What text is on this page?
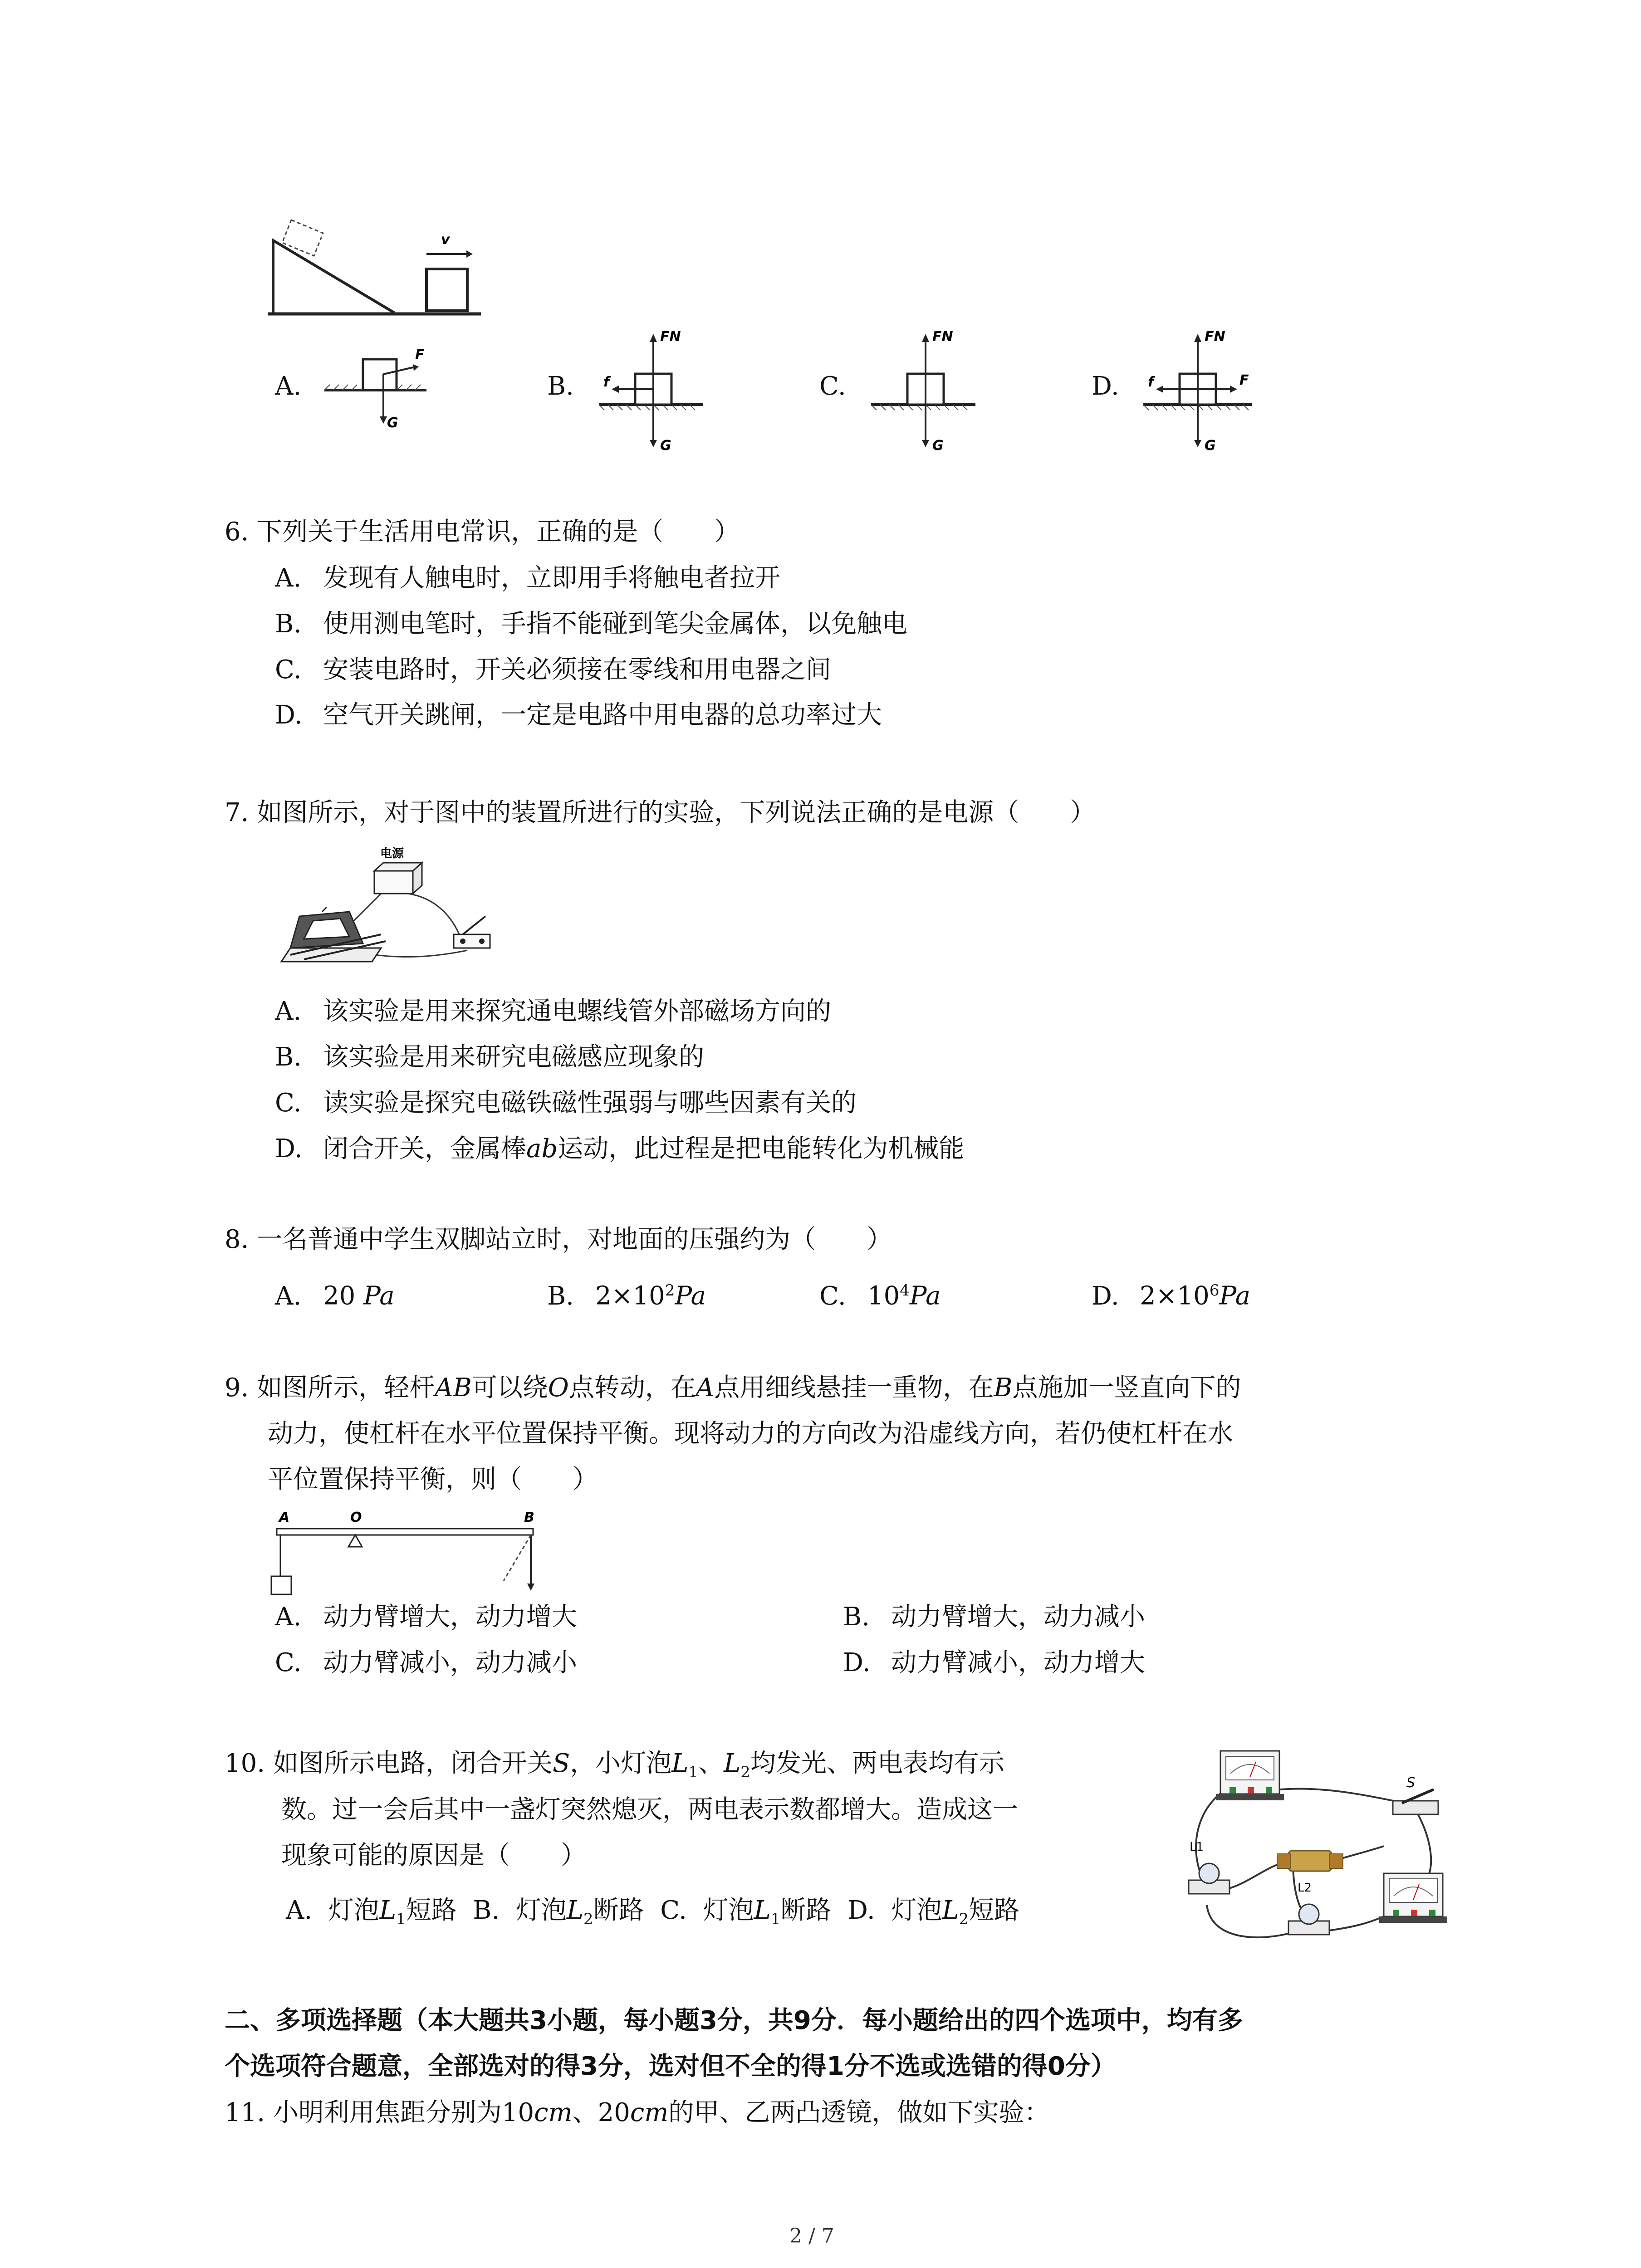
v
A.
F
G
B.
FN
f
G
C.
FN
G
D.
FN
f	F
G
6. 下列关于生活用电常识，正确的是（　　）
A. 发现有人触电时，立即用手将触电者拉开
B. 使用测电笔时，手指不能碰到笔尖金属体，以免触电
C. 安装电路时，开关必须接在零线和用电器之间
D. 空气开关跳闸，一定是电路中用电器的总功率过大
7. 如图所示，对于图中的装置所进行的实验，下列说法正确的是电源（　　）
电源
A. 该实验是用来探究通电螺线管外部磁场方向的
B. 该实验是用来研究电磁感应现象的
C. 读实验是探究电磁铁磁性强弱与哪些因素有关的
D. 闭合开关，金属棒ab运动，此过程是把电能转化为机械能
8. 一名普通中学生双脚站立时，对地面的压强约为（　　）
A. 20 Pa	B. $2\times 10^2Pa$	C. $10^4Pa$	D. $2\times 10^6Pa$
9. 如图所示，轻杆AB可以绕O点转动，在A点用细线悬挂一重物，在B点施加一竖直向下的
动力，使杠杆在水平位置保持平衡。现将动力的方向改为沿虚线方向，若仍使杠杆在水
平位置保持平衡，则（　　）
A	O	B
A. 动力臂增大，动力增大	B. 动力臂增大，动力减小
C. 动力臂减小，动力减小	D. 动力臂减小，动力增大
10. 如图所示电路，闭合开关S，小灯泡$L_1$、$L_2$均发光、两电表均有示
数。过一会后其中一盏灯突然熄灭，两电表示数都增大。造成这一
现象可能的原因是（　　）
A. 灯泡$L_1$短路 B. 灯泡$L_2$断路 C. 灯泡$L_1$断路 D. 灯泡$L_2$短路
S
L1
L2
二、多项选择题（本大题共3小题，每小题3分，共9分．每小题给出的四个选项中，均有多
个选项符合题意，全部选对的得3分，选对但不全的得1分不选或选错的得0分）
11. 小明利用焦距分别为10cm、20cm的甲、乙两凸透镜，做如下实验：
2 / 7
